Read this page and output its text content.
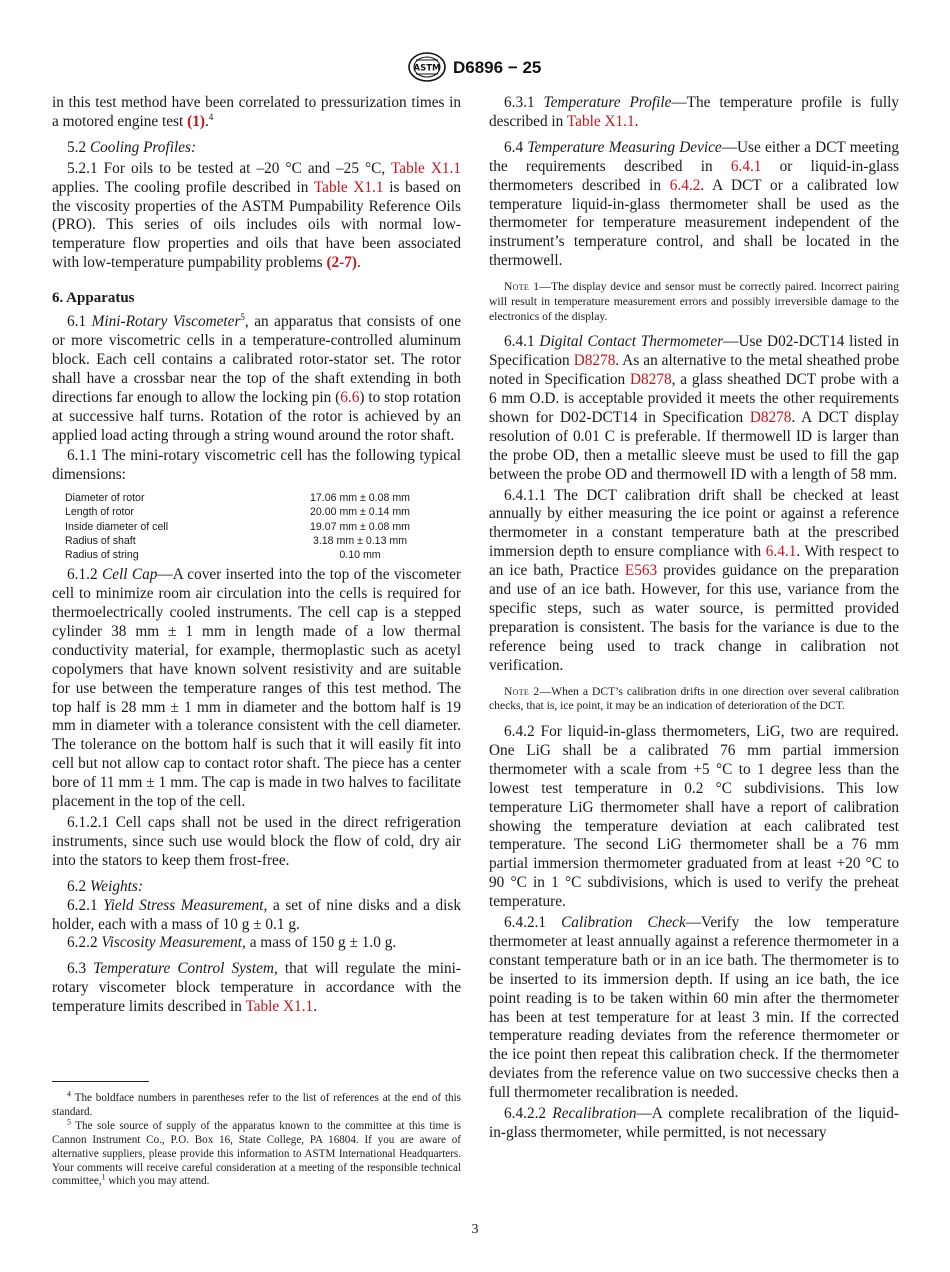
ASTM D6896 − 25

in this test method have been correlated to pressurization times in a motored engine test (1).$^4$

5.2 Cooling Profiles:

5.2.1 For oils to be tested at –20 °C and –25 °C, Table X1.1 applies. The cooling profile described in Table X1.1 is based on the viscosity properties of the ASTM Pumpability Reference Oils (PRO). This series of oils includes oils with normal low-temperature flow properties and oils that have been associated with low-temperature pumpability problems (2-7).

6. Apparatus

6.1 Mini-Rotary Viscometer$^5$, an apparatus that consists of one or more viscometric cells in a temperature-controlled aluminum block. Each cell contains a calibrated rotor-stator set. The rotor shall have a crossbar near the top of the shaft extending in both directions far enough to allow the locking pin (6.6) to stop rotation at successive half turns. Rotation of the rotor is achieved by an applied load acting through a string wound around the rotor shaft.

6.1.1 The mini-rotary viscometric cell has the following typical dimensions:

Diameter of rotor	17.06 mm ± 0.08 mm
Length of rotor	20.00 mm ± 0.14 mm
Inside diameter of cell	19.07 mm ± 0.08 mm
Radius of shaft	3.18 mm ± 0.13 mm
Radius of string	0.10 mm

6.1.2 Cell Cap—A cover inserted into the top of the viscometer cell to minimize room air circulation into the cells is required for thermoelectrically cooled instruments. The cell cap is a stepped cylinder 38 mm ± 1 mm in length made of a low thermal conductivity material, for example, thermoplastic such as acetyl copolymers that have known solvent resistivity and are suitable for use between the temperature ranges of this test method. The top half is 28 mm ± 1 mm in diameter and the bottom half is 19 mm in diameter with a tolerance consistent with the cell diameter. The tolerance on the bottom half is such that it will easily fit into cell but not allow cap to contact rotor shaft. The piece has a center bore of 11 mm ± 1 mm. The cap is made in two halves to facilitate placement in the top of the cell.

6.1.2.1 Cell caps shall not be used in the direct refrigeration instruments, since such use would block the flow of cold, dry air into the stators to keep them frost-free.

6.2 Weights:

6.2.1 Yield Stress Measurement, a set of nine disks and a disk holder, each with a mass of 10 g ± 0.1 g.

6.2.2 Viscosity Measurement, a mass of 150 g ± 1.0 g.

6.3 Temperature Control System, that will regulate the mini-rotary viscometer block temperature in accordance with the temperature limits described in Table X1.1.

$^4$ The boldface numbers in parentheses refer to the list of references at the end of this standard.

$^5$ The sole source of supply of the apparatus known to the committee at this time is Cannon Instrument Co., P.O. Box 16, State College, PA 16804. If you are aware of alternative suppliers, please provide this information to ASTM International Headquarters. Your comments will receive careful consideration at a meeting of the responsible technical committee,$^1$ which you may attend.

6.3.1 Temperature Profile—The temperature profile is fully described in Table X1.1.

6.4 Temperature Measuring Device—Use either a DCT meeting the requirements described in 6.4.1 or liquid-in-glass thermometers described in 6.4.2. A DCT or a calibrated low temperature liquid-in-glass thermometer shall be used as the thermometer for temperature measurement independent of the instrument’s temperature control, and shall be located in the thermowell.

Note 1—The display device and sensor must be correctly paired. Incorrect pairing will result in temperature measurement errors and possibly irreversible damage to the electronics of the display.

6.4.1 Digital Contact Thermometer—Use D02-DCT14 listed in Specification D8278. As an alternative to the metal sheathed probe noted in Specification D8278, a glass sheathed DCT probe with a 6 mm O.D. is acceptable provided it meets the other requirements shown for D02-DCT14 in Specification D8278. A DCT display resolution of 0.01 C is preferable. If thermowell ID is larger than the probe OD, then a metallic sleeve must be used to fill the gap between the probe OD and thermowell ID with a length of 58 mm.

6.4.1.1 The DCT calibration drift shall be checked at least annually by either measuring the ice point or against a reference thermometer in a constant temperature bath at the prescribed immersion depth to ensure compliance with 6.4.1. With respect to an ice bath, Practice E563 provides guidance on the preparation and use of an ice bath. However, for this use, variance from the specific steps, such as water source, is permitted provided preparation is consistent. The basis for the variance is due to the reference being used to track change in calibration not verification.

Note 2—When a DCT’s calibration drifts in one direction over several calibration checks, that is, ice point, it may be an indication of deterioration of the DCT.

6.4.2 For liquid-in-glass thermometers, LiG, two are required. One LiG shall be a calibrated 76 mm partial immersion thermometer with a scale from +5 °C to 1 degree less than the lowest test temperature in 0.2 °C subdivisions. This low temperature LiG thermometer shall have a report of calibration showing the temperature deviation at each calibrated test temperature. The second LiG thermometer shall be a 76 mm partial immersion thermometer graduated from at least +20 °C to 90 °C in 1 °C subdivisions, which is used to verify the preheat temperature.

6.4.2.1 Calibration Check—Verify the low temperature thermometer at least annually against a reference thermometer in a constant temperature bath or in an ice bath. The thermometer is to be inserted to its immersion depth. If using an ice bath, the ice point reading is to be taken within 60 min after the thermometer has been at test temperature for at least 3 min. If the corrected temperature reading deviates from the reference thermometer or the ice point then repeat this calibration check. If the thermometer deviates from the reference value on two successive checks then a full thermometer recalibration is needed.

6.4.2.2 Recalibration—A complete recalibration of the liquid-in-glass thermometer, while permitted, is not necessary

3
